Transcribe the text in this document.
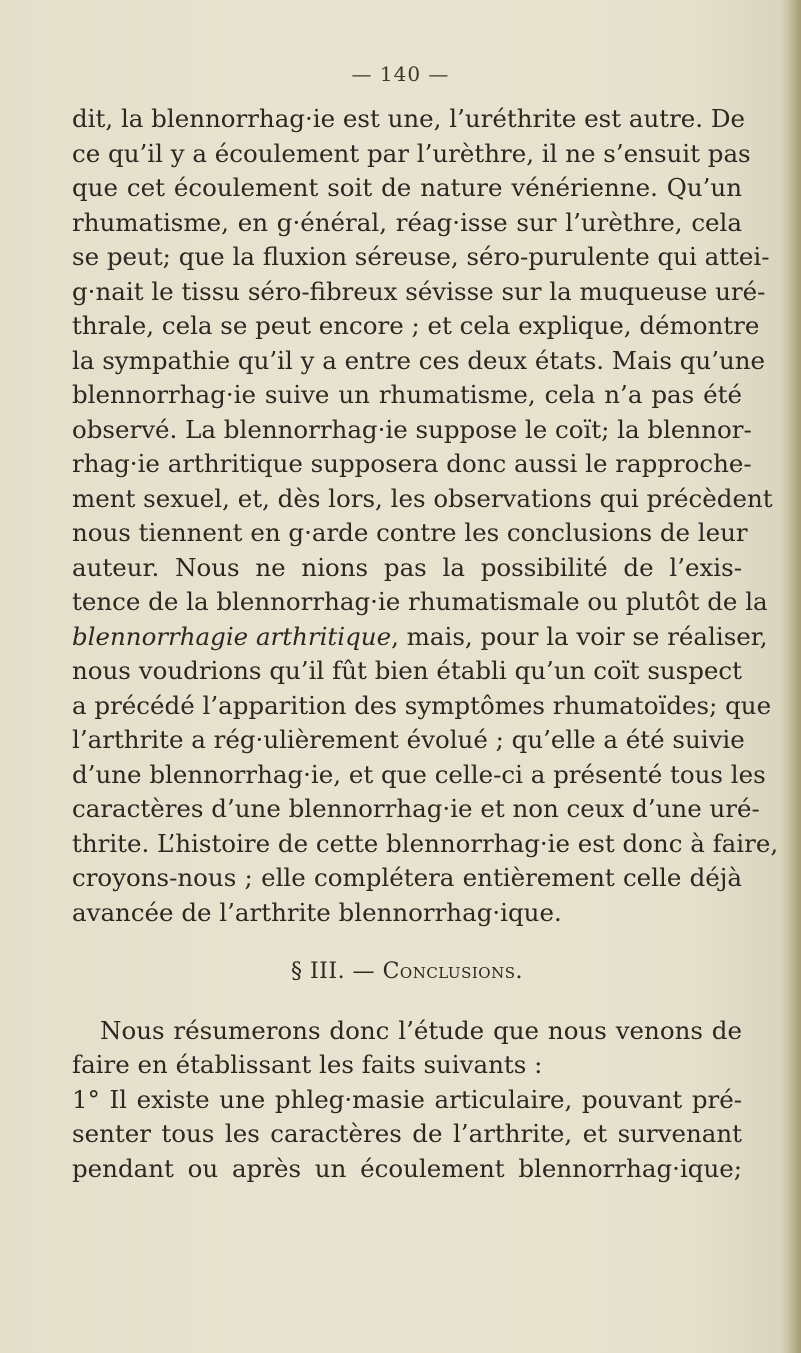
— 140 —
dit, la blennorrhag·ie est une, l’uréthrite est autre. De
ce qu’il y a écoulement par l’urèthre, il ne s’ensuit pas
que cet écoulement soit de nature vénérienne. Qu’un
rhumatisme, en g·énéral, réag·isse sur l’urèthre, cela
se peut; que la fluxion séreuse, séro-purulente qui attei-
g·nait le tissu séro-fibreux sévisse sur la muqueuse uré-
thrale, cela se peut encore ; et cela explique, démontre
la sympathie qu’il y a entre ces deux états. Mais qu’une
blennorrhag·ie suive un rhumatisme, cela n’a pas été
observé. La blennorrhag·ie suppose le coït; la blennor-
rhag·ie arthritique supposera donc aussi le rapproche-
ment sexuel, et, dès lors, les observations qui précèdent
nous tiennent en g·arde contre les conclusions de leur
auteur. Nous ne nions pas la possibilité de l’exis-
tence de la blennorrhag·ie rhumatismale ou plutôt de la
blennorrhagie arthritique, mais, pour la voir se réaliser,
nous voudrions qu’il fût bien établi qu’un coït suspect
a précédé l’apparition des symptômes rhumatoïdes; que
l’arthrite a rég·ulièrement évolué ; qu’elle a été suivie
d’une blennorrhag·ie, et que celle-ci a présenté tous les
caractères d’une blennorrhag·ie et non ceux d’une uré-
thrite. L’histoire de cette blennorrhag·ie est donc à faire,
croyons-nous ; elle complétera entièrement celle déjà
avancée de l’arthrite blennorrhag·ique.
§ III. — Conclusions.
Nous résumerons donc l’étude que nous venons de
faire en établissant les faits suivants :
1° Il existe une phleg·masie articulaire, pouvant pré-
senter tous les caractères de l’arthrite, et survenant
pendant ou après un écoulement blennorrhag·ique;
